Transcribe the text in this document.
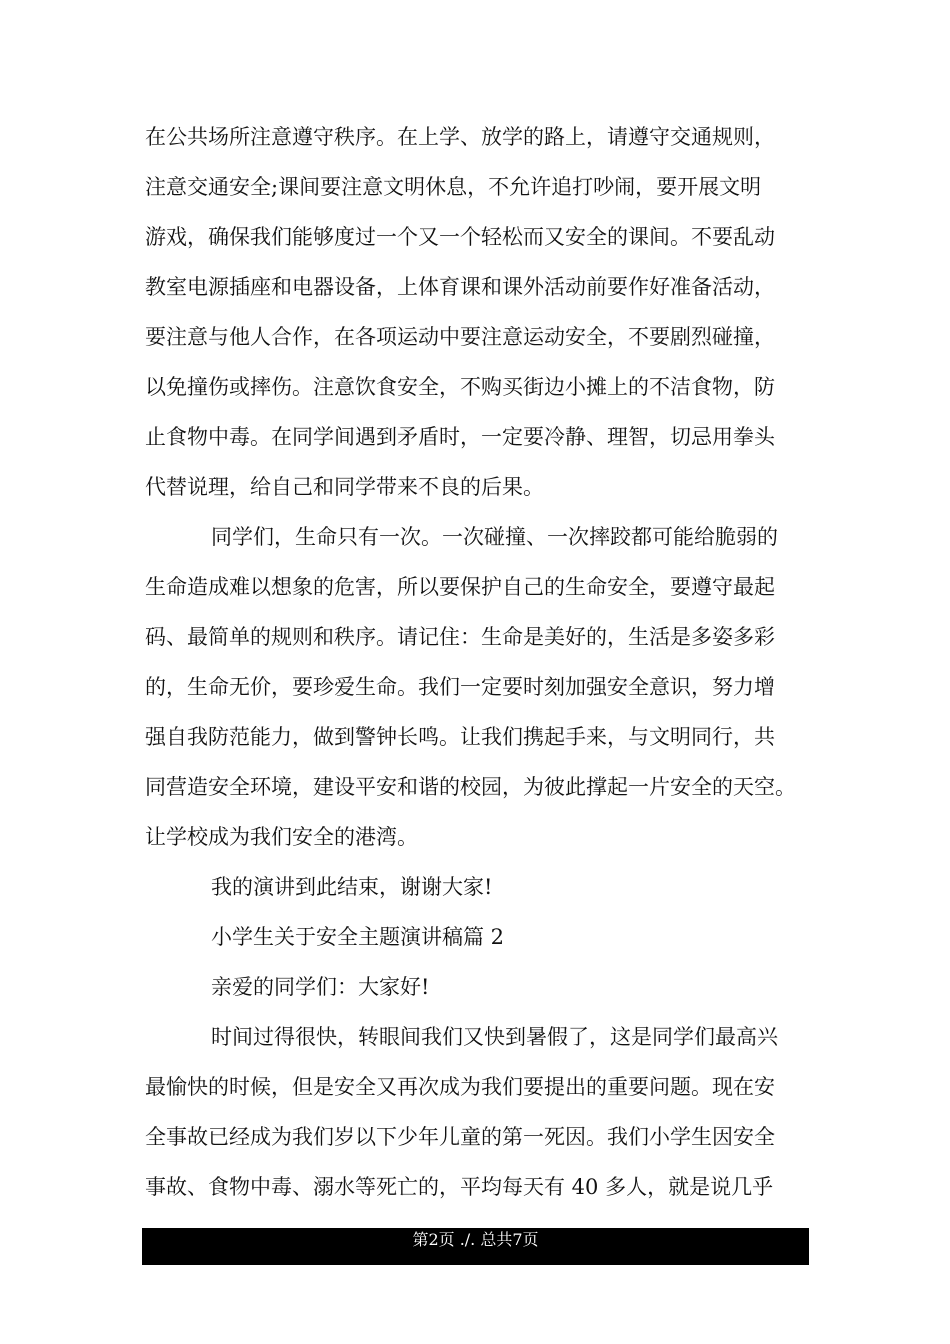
在公共场所注意遵守秩序。在上学、放学的路上，请遵守交通规则，
注意交通安全;课间要注意文明休息，不允许追打吵闹，要开展文明
游戏，确保我们能够度过一个又一个轻松而又安全的课间。不要乱动
教室电源插座和电器设备，上体育课和课外活动前要作好准备活动，
要注意与他人合作，在各项运动中要注意运动安全，不要剧烈碰撞，
以免撞伤或摔伤。注意饮食安全，不购买街边小摊上的不洁食物，防
止食物中毒。在同学间遇到矛盾时，一定要冷静、理智，切忌用拳头
代替说理，给自己和同学带来不良的后果。
同学们，生命只有一次。一次碰撞、一次摔跤都可能给脆弱的
生命造成难以想象的危害，所以要保护自己的生命安全，要遵守最起
码、最简单的规则和秩序。请记住：生命是美好的，生活是多姿多彩
的，生命无价，要珍爱生命。我们一定要时刻加强安全意识，努力增
强自我防范能力，做到警钟长鸣。让我们携起手来，与文明同行，共
同营造安全环境，建设平安和谐的校园，为彼此撑起一片安全的天空。
让学校成为我们安全的港湾。
我的演讲到此结束，谢谢大家!
小学生关于安全主题演讲稿篇 2
亲爱的同学们：大家好!
时间过得很快，转眼间我们又快到暑假了，这是同学们最高兴
最愉快的时候，但是安全又再次成为我们要提出的重要问题。现在安
全事故已经成为我们岁以下少年儿童的第一死因。我们小学生因安全
事故、食物中毒、溺水等死亡的，平均每天有 40 多人，就是说几乎
第2页 ./. 总共7页
